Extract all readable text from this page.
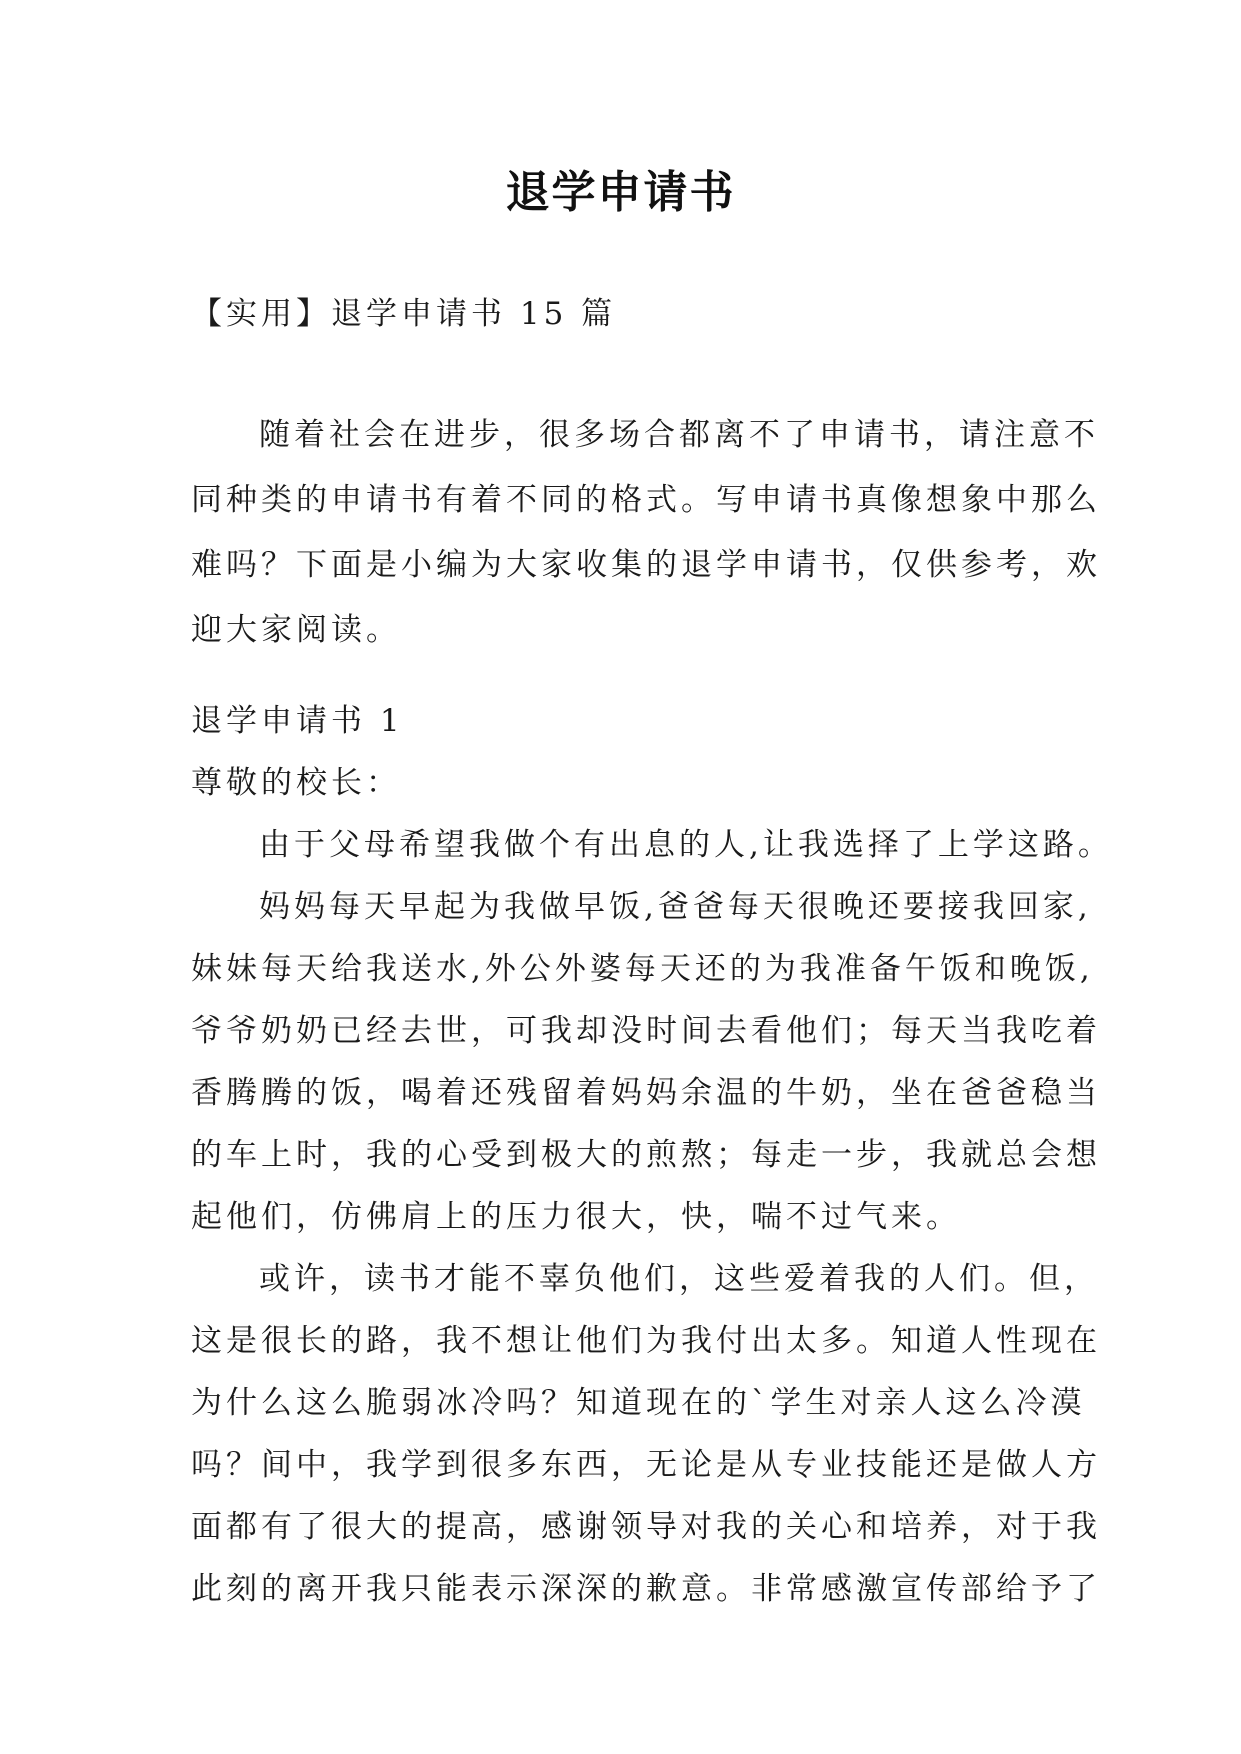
退学申请书
【实用】退学申请书 15 篇

随着社会在进步，很多场合都离不了申请书，请注意不
同种类的申请书有着不同的格式。写申请书真像想象中那么
难吗？下面是小编为大家收集的退学申请书，仅供参考，欢
迎大家阅读。

退学申请书 1

尊敬的校长：

由于父母希望我做个有出息的人,让我选择了上学这路。

妈妈每天早起为我做早饭,爸爸每天很晚还要接我回家,
妹妹每天给我送水,外公外婆每天还的为我准备午饭和晚饭,
爷爷奶奶已经去世，可我却没时间去看他们；每天当我吃着
香腾腾的饭，喝着还残留着妈妈余温的牛奶，坐在爸爸稳当
的车上时，我的心受到极大的煎熬；每走一步，我就总会想
起他们，仿佛肩上的压力很大，快，喘不过气来。

或许，读书才能不辜负他们，这些爱着我的人们。但，
这是很长的路，我不想让他们为我付出太多。知道人性现在
为什么这么脆弱冰冷吗？知道现在的`学生对亲人这么冷漠
吗？间中，我学到很多东西，无论是从专业技能还是做人方
面都有了很大的提高，感谢领导对我的关心和培养，对于我
此刻的离开我只能表示深深的歉意。非常感激宣传部给予了
